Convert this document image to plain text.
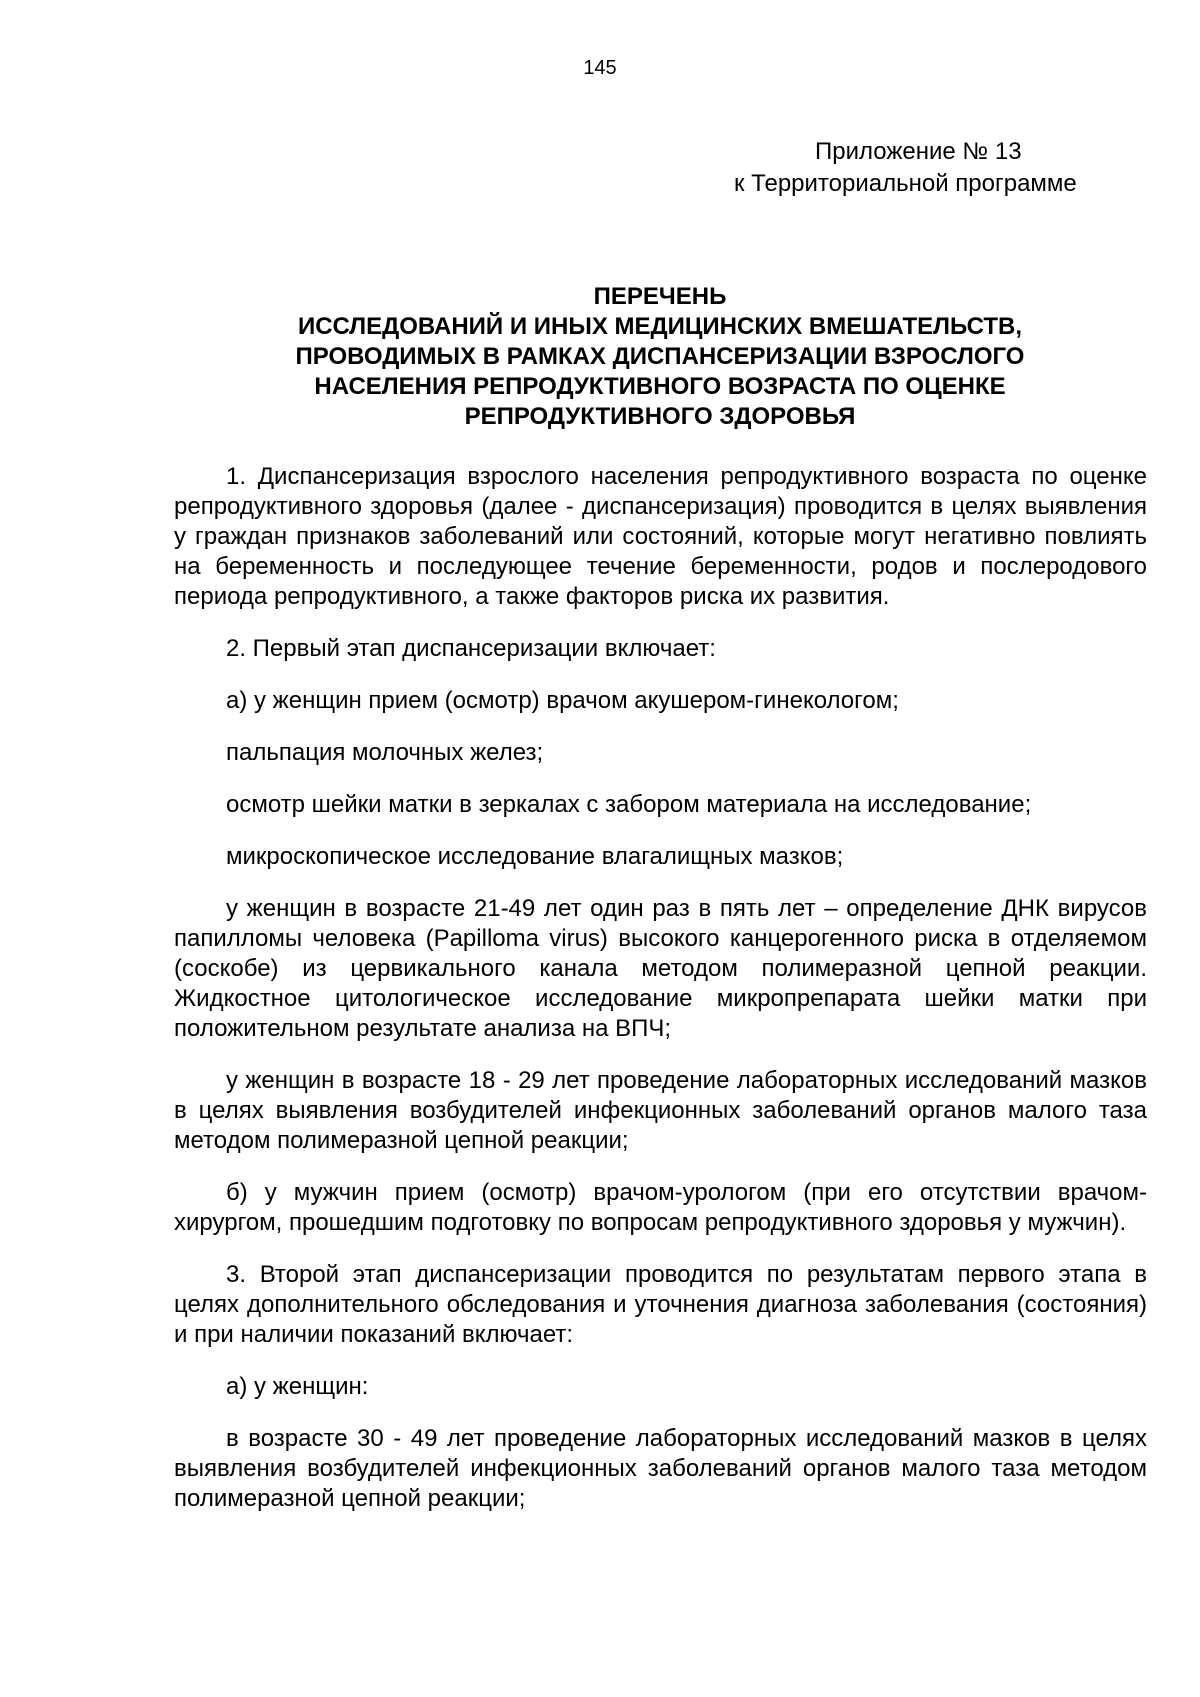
145
Приложение № 13
к Территориальной программе
ПЕРЕЧЕНЬ
ИССЛЕДОВАНИЙ И ИНЫХ МЕДИЦИНСКИХ ВМЕШАТЕЛЬСТВ,
ПРОВОДИМЫХ В РАМКАХ ДИСПАНСЕРИЗАЦИИ ВЗРОСЛОГО
НАСЕЛЕНИЯ РЕПРОДУКТИВНОГО ВОЗРАСТА ПО ОЦЕНКЕ
РЕПРОДУКТИВНОГО ЗДОРОВЬЯ

1. Диспансеризация взрослого населения репродуктивного возраста по оценке репродуктивного здоровья (далее - диспансеризация) проводится в целях выявления у граждан признаков заболеваний или состояний, которые могут негативно повлиять на беременность и последующее течение беременности, родов и послеродового периода репродуктивного, а также факторов риска их развития.

2. Первый этап диспансеризации включает:

а) у женщин прием (осмотр) врачом акушером-гинекологом;

пальпация молочных желез;

осмотр шейки матки в зеркалах с забором материала на исследование;

микроскопическое исследование влагалищных мазков;

у женщин в возрасте 21-49 лет один раз в пять лет – определение ДНК вирусов папилломы человека (Papilloma virus) высокого канцерогенного риска в отделяемом (соскобе) из цервикального канала методом полимеразной цепной реакции. Жидкостное цитологическое исследование микропрепарата шейки матки при положительном результате анализа на ВПЧ;

у женщин в возрасте 18 - 29 лет проведение лабораторных исследований мазков в целях выявления возбудителей инфекционных заболеваний органов малого таза методом полимеразной цепной реакции;

б) у мужчин прием (осмотр) врачом-урологом (при его отсутствии врачом-хирургом, прошедшим подготовку по вопросам репродуктивного здоровья у мужчин).

3. Второй этап диспансеризации проводится по результатам первого этапа в целях дополнительного обследования и уточнения диагноза заболевания (состояния) и при наличии показаний включает:

а) у женщин:

в возрасте 30 - 49 лет проведение лабораторных исследований мазков в целях выявления возбудителей инфекционных заболеваний органов малого таза методом полимеразной цепной реакции;
